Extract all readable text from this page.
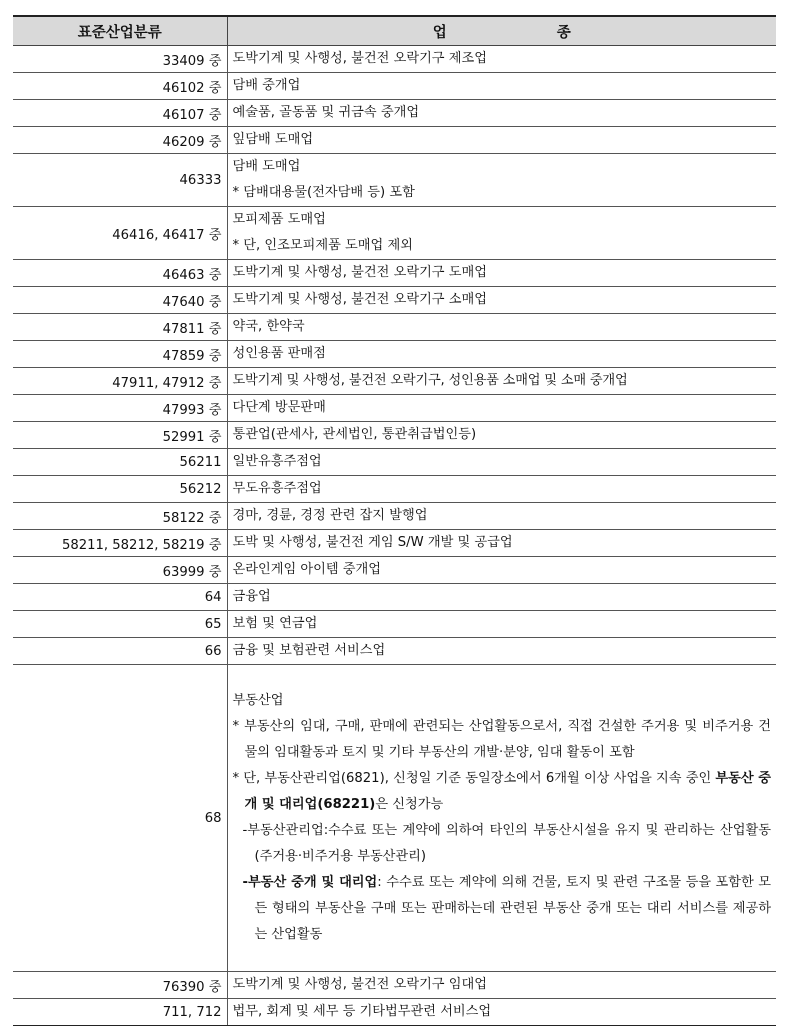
표준산업분류	업 종
33409 중	도박기계 및 사행성, 불건전 오락기구 제조업
46102 중	담배 중개업
46107 중	예술품, 골동품 및 귀금속 중개업
46209 중	잎담배 도매업
46333	담배 도매업
* 담배대용물(전자담배 등) 포함

46416, 46417 중	모피제품 도매업
* 단, 인조모피제품 도매업 제외

46463 중	도박기계 및 사행성, 불건전 오락기구 도매업
47640 중	도박기계 및 사행성, 불건전 오락기구 소매업
47811 중	약국, 한약국
47859 중	성인용품 판매점
47911, 47912 중	도박기계 및 사행성, 불건전 오락기구, 성인용품 소매업 및 소매 중개업
47993 중	다단계 방문판매
52991 중	통관업(관세사, 관세법인, 통관취급법인등)
56211	일반유흥주점업
56212	무도유흥주점업
58122 중	경마, 경륜, 경정 관련 잡지 발행업
58211, 58212, 58219 중	도박 및 사행성, 불건전 게임 S/W 개발 및 공급업
63999 중	온라인게임 아이템 중개업
64	금융업
65	보험 및 연금업
66	금융 및 보험관련 서비스업
68	부동산업
* 부동산의 임대, 구매, 판매에 관련되는 산업활동으로서, 직접 건설한 주거용 및 비주거용 건물의 임대활동과 토지 및 기타 부동산의 개발·분양, 임대 활동이 포함
* 단, 부동산관리업(6821), 신청일 기준 동일장소에서 6개월 이상 사업을 지속 중인 부동산 중개 및 대리업(68221)은 신청가능
-부동산관리업:수수료 또는 계약에 의하여 타인의 부동산시설을 유지 및 관리하는 산업활동(주거용·비주거용 부동산관리)
-부동산 중개 및 대리업: 수수료 또는 계약에 의해 건물, 토지 및 관련 구조물 등을 포함한 모든 형태의 부동산을 구매 또는 판매하는데 관련된 부동산 중개 또는 대리 서비스를 제공하는 산업활동

76390 중	도박기계 및 사행성, 불건전 오락기구 임대업
711, 712	법무, 회계 및 세무 등 기타법무관련 서비스업
